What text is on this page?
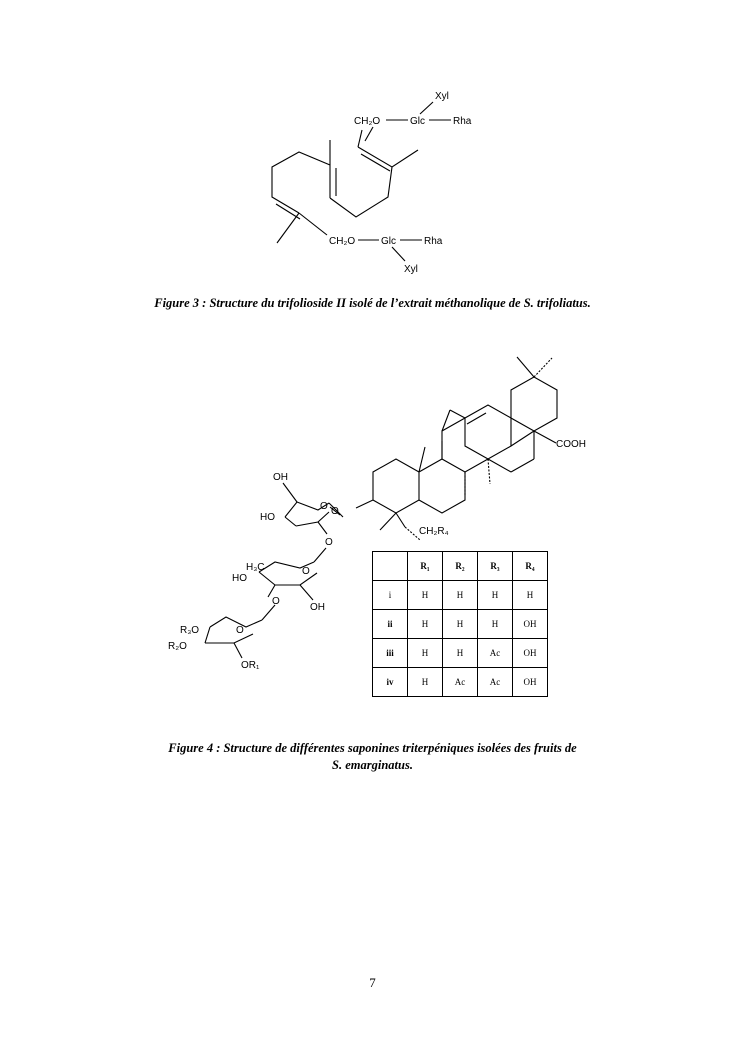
Xyl
CH₂O	Glc	Rha
CH₂O	Glc	Rha
Xyl
Figure 3 : Structure du trifolioside II isolé de l’extrait méthanolique de S. trifoliatus.
COOH
CH₂R₄
OH
HO
O O
O
H₃C
HO
O
OH
O
R₃O
R₂O
O
OR₁
	R₁	R₂	R₃	R₄
i	H	H	H	H
ii	H	H	H	OH
iii	H	H	Ac	OH
iv	H	Ac	Ac	OH
Figure 4 : Structure de différentes saponines triterpéniques isolées des fruits de
S. emarginatus.
7
